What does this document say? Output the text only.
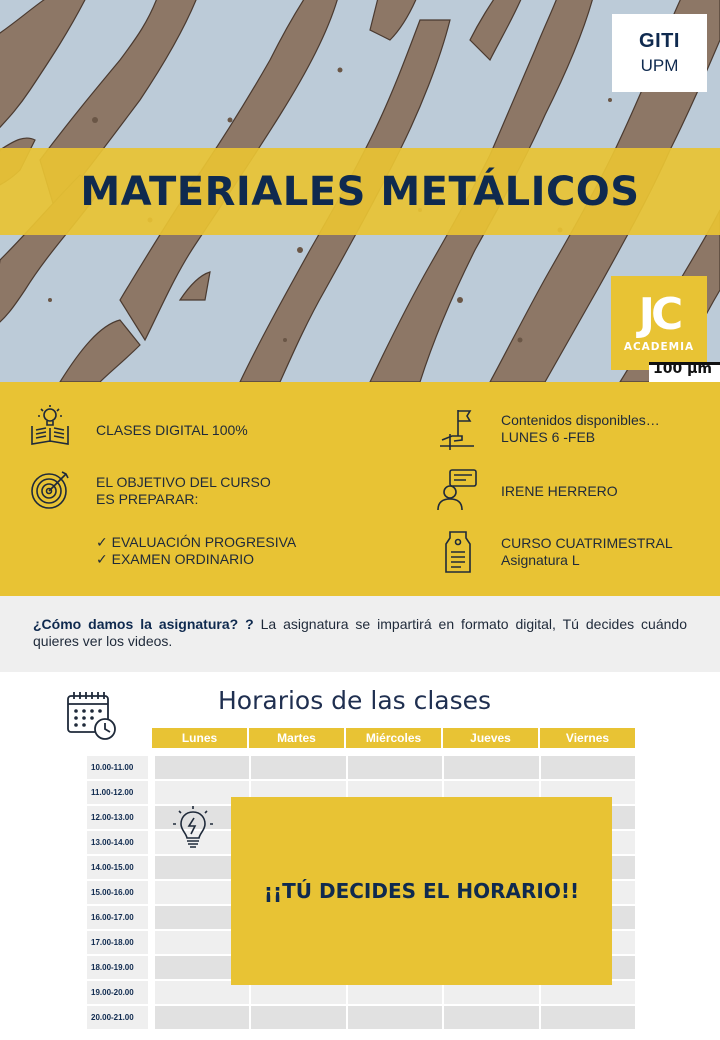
GITI
UPM
MATERIALES METÁLICOS
JC
ACADEMIA
100 µm
CLASES DIGITAL 100%
EL OBJETIVO DEL CURSO
ES PREPARAR:
✓ EVALUACIÓN PROGRESIVA
✓ EXAMEN ORDINARIO
Contenidos disponibles…
LUNES 6 -FEB
IRENE HERRERO
CURSO CUATRIMESTRAL
Asignatura L
¿Cómo damos la asignatura? ? La asignatura se impartirá en formato digital, Tú decides cuándo quieres ver los videos.
Horarios de las clases
Lunes	Martes	Miércoles	Jueves	Viernes
10.00-11.00
11.00-12.00
12.00-13.00
13.00-14.00
14.00-15.00
15.00-16.00
16.00-17.00
17.00-18.00
18.00-19.00
19.00-20.00
20.00-21.00
¡¡TÚ DECIDES EL HORARIO!!
